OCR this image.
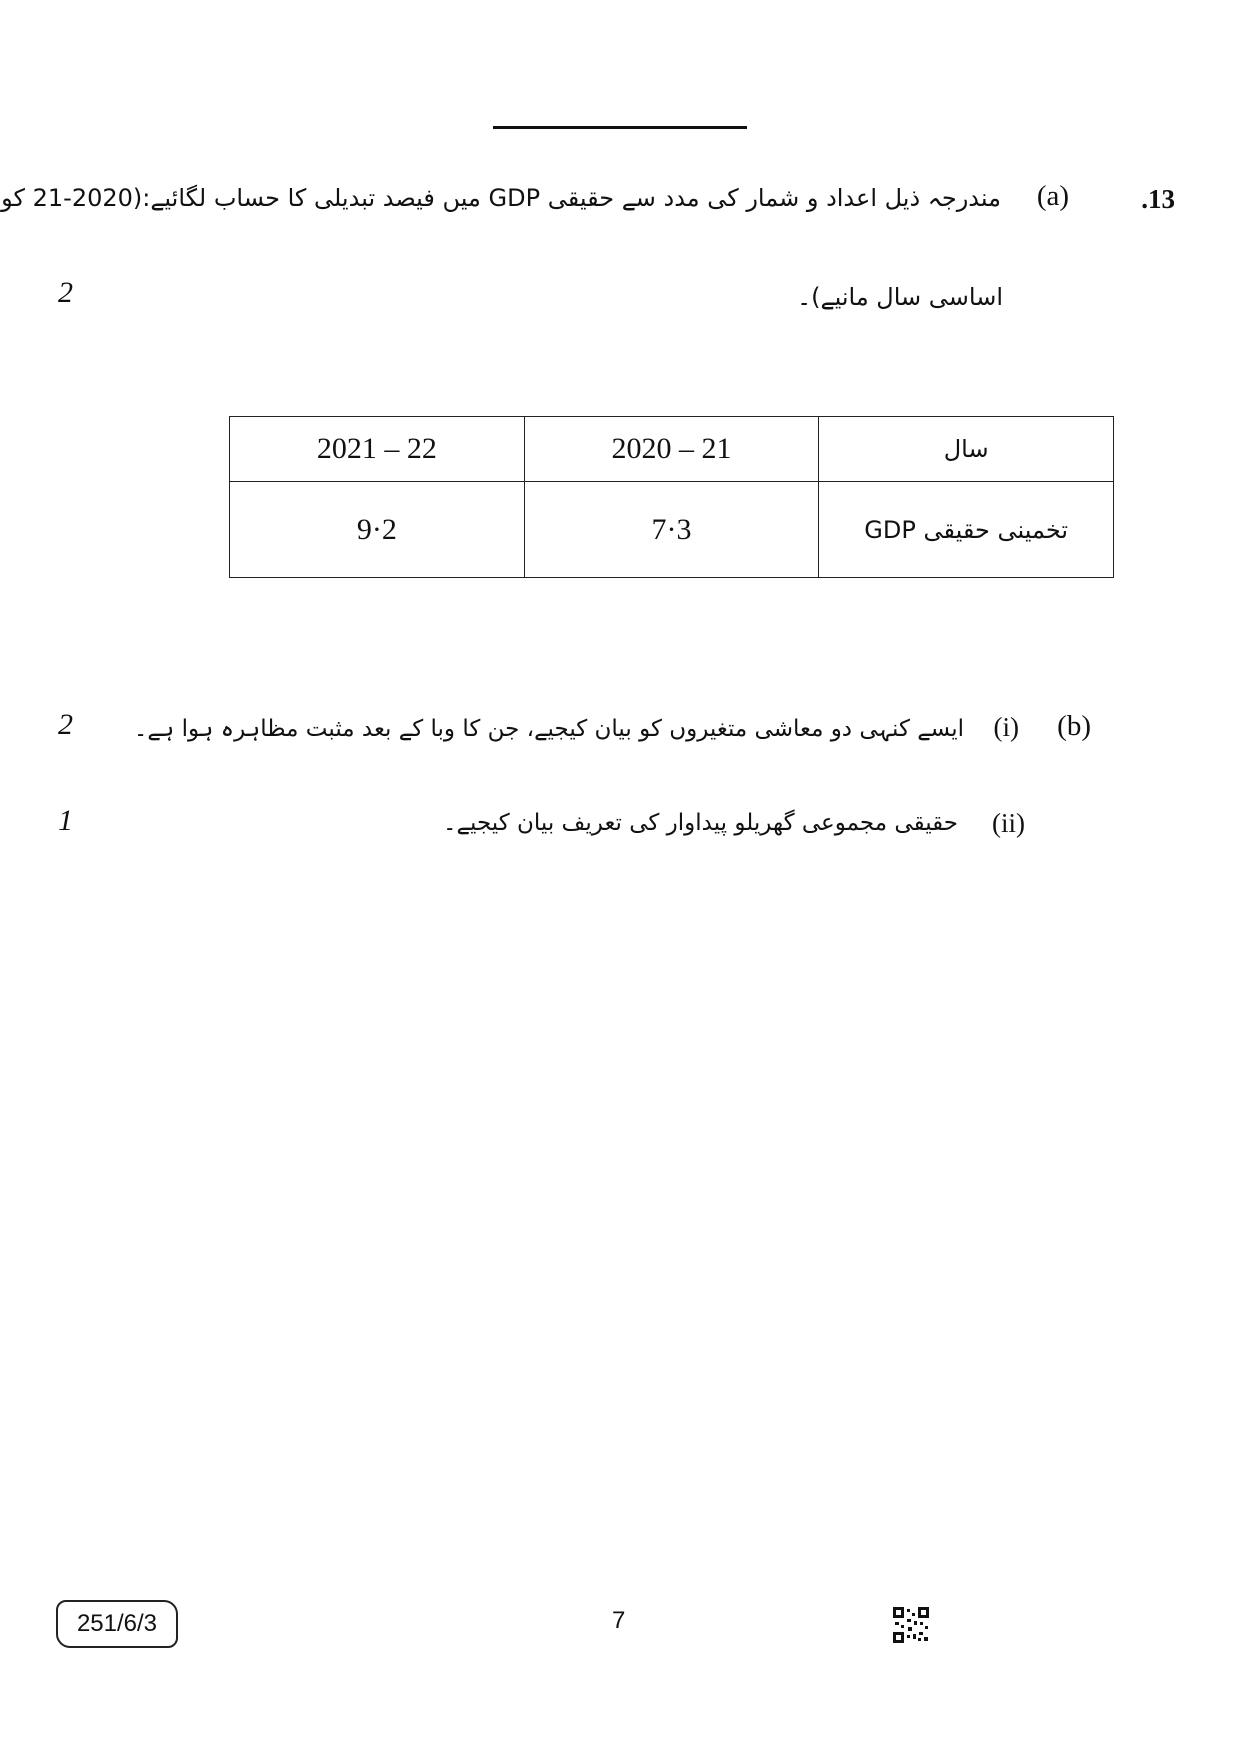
.13
(a)
مندرجہ ذیل اعداد و شمار کی مدد سے حقیقی GDP میں فیصد تبدیلی کا حساب لگائیے:(2020-21 کو
اساسی سال مانیے)۔
2
2021 – 22	2020 – 21	سال
9·2	7·3	تخمینی حقیقی GDP
(b)
(i)
ایسے کنہی دو معاشی متغیروں کو بیان کیجیے، جن کا وبا کے بعد مثبت مظاہرہ ہوا ہے۔
2
(ii)
حقیقی مجموعی گھریلو پیداوار کی تعریف بیان کیجیے۔
1
251/6/3	7
